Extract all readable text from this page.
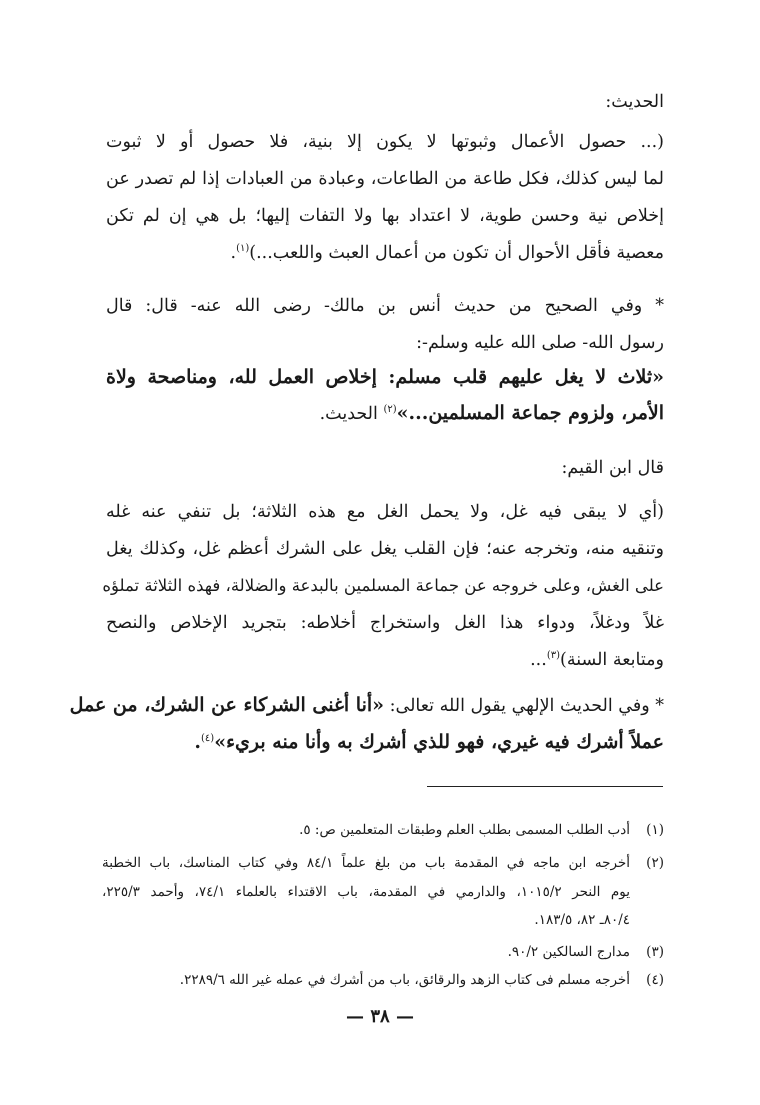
الحديث:
(... حصول الأعمال وثبوتها لا يكون إلا بنية، فلا حصول أو لا ثبوت
لما ليس كذلك، فكل طاعة من الطاعات، وعبادة من العبادات إذا لم تصدر عن
إخلاص نية وحسن طوية، لا اعتداد بها ولا التفات إليها؛ بل هي إن لم تكن
معصية فأقل الأحوال أن تكون من أعمال العبث واللعب...)$^{(١)}$.
* وفي الصحيح من حديث أنس بن مالك- رضى الله عنه- قال: قال
رسول الله- صلى الله عليه وسلم-:
«ثلاث لا يغل عليهم قلب مسلم: إخلاص العمل لله، ومناصحة ولاة
الأمر، ولزوم جماعة المسلمين...»$^{(٢)}$ الحديث.
قال ابن القيم:
(أي لا يبقى فيه غل، ولا يحمل الغل مع هذه الثلاثة؛ بل تنفي عنه غله
وتنقيه منه، وتخرجه عنه؛ فإن القلب يغل على الشرك أعظم غل، وكذلك يغل
على الغش، وعلى خروجه عن جماعة المسلمين بالبدعة والضلالة، فهذه الثلاثة تملؤه
غلاً ودغلاً، ودواء هذا الغل واستخراج أخلاطه: بتجريد الإخلاص والنصح
ومتابعة السنة)$^{(٣)}$...
* وفي الحديث الإلهي يقول الله تعالى: «أنا أغنى الشركاء عن الشرك، من عمل
عملاً أشرك فيه غيري، فهو للذي أشرك به وأنا منه بريء»$^{(٤)}$.
(١)
أدب الطلب المسمى بطلب العلم وطبقات المتعلمين ص: ٥.
(٢)
أخرجه ابن ماجه في المقدمة باب من بلغ علماً ٨٤/١ وفي كتاب المناسك، باب الخطبة
يوم النحر ١٠١٥/٢، والدارمي في المقدمة، باب الاقتداء بالعلماء ٧٤/١، وأحمد ٢٢٥/٣،
٨٠/٤ـ ٨٢، ١٨٣/٥.
(٣)
مدارج السالكين ٩٠/٢.
(٤)
أخرجه مسلم فى كتاب الزهد والرقائق، باب من أشرك في عمله غير الله ٢٢٨٩/٦.
— ٣٨ —
